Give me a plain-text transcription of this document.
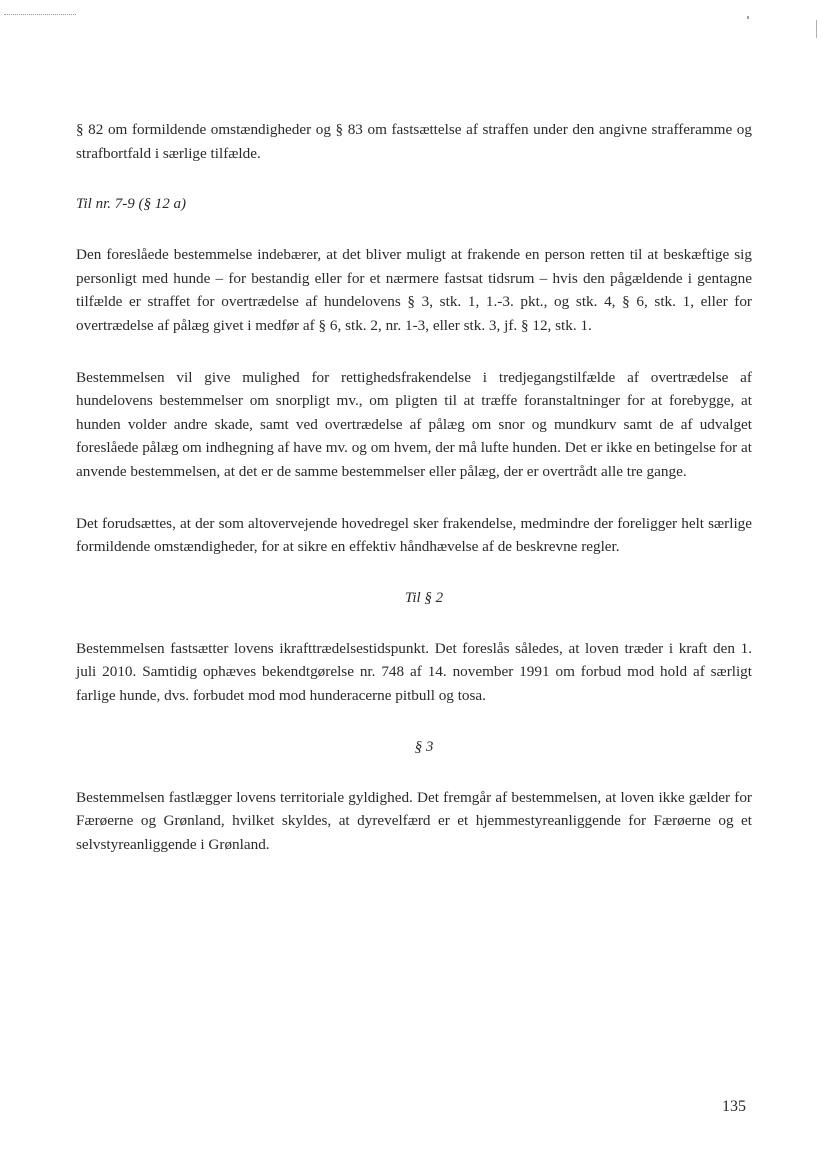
§ 82 om formildende omstændigheder og § 83 om fastsættelse af straffen under den angivne strafferamme og strafbortfald i særlige tilfælde.

Til nr. 7-9 (§ 12 a)

Den foreslåede bestemmelse indebærer, at det bliver muligt at frakende en person retten til at beskæftige sig personligt med hunde – for bestandig eller for et nærmere fastsat tidsrum – hvis den pågældende i gentagne tilfælde er straffet for overtrædelse af hundelovens § 3, stk. 1, 1.-3. pkt., og stk. 4, § 6, stk. 1, eller for overtrædelse af pålæg givet i medfør af § 6, stk. 2, nr. 1-3, eller stk. 3, jf. § 12, stk. 1.

Bestemmelsen vil give mulighed for rettighedsfrakendelse i tredjegangstilfælde af overtrædelse af hundelovens bestemmelser om snorpligt mv., om pligten til at træffe foranstaltninger for at forebygge, at hunden volder andre skade, samt ved overtrædelse af pålæg om snor og mundkurv samt de af udvalget foreslåede pålæg om indhegning af have mv. og om hvem, der må lufte hunden. Det er ikke en betingelse for at anvende bestemmelsen, at det er de samme bestemmelser eller pålæg, der er overtrådt alle tre gange.

Det forudsættes, at der som altovervejende hovedregel sker frakendelse, medmindre der foreligger helt særlige formildende omstændigheder, for at sikre en effektiv håndhævelse af de beskrevne regler.

Til § 2

Bestemmelsen fastsætter lovens ikrafttrædelsestidspunkt. Det foreslås således, at loven træder i kraft den 1. juli 2010. Samtidig ophæves bekendtgørelse nr. 748 af 14. november 1991 om forbud mod hold af særligt farlige hunde, dvs. forbudet mod mod hunderacerne pitbull og tosa.

§ 3

Bestemmelsen fastlægger lovens territoriale gyldighed. Det fremgår af bestemmelsen, at loven ikke gælder for Færøerne og Grønland, hvilket skyldes, at dyrevelfærd er et hjemmestyreanliggende for Færøerne og et selvstyreanliggende i Grønland.

135
